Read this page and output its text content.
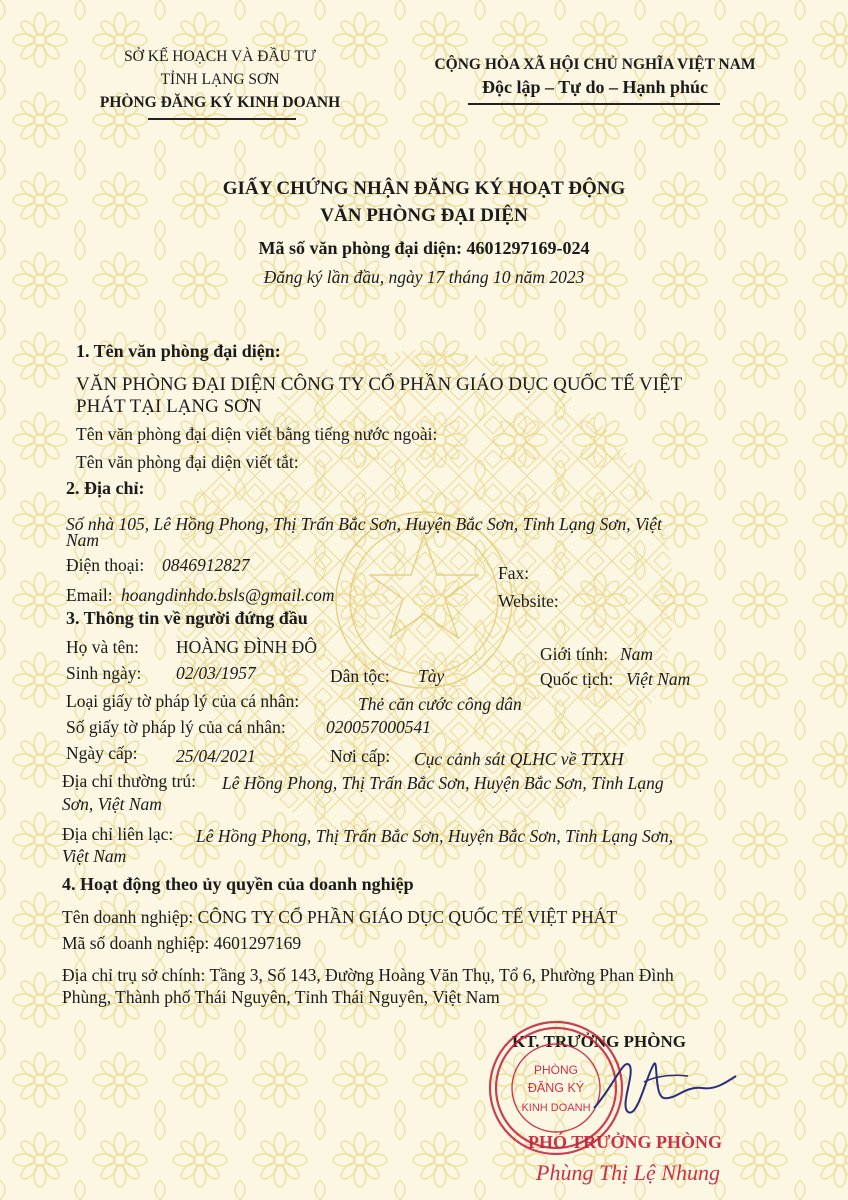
SỞ KẾ HOẠCH VÀ ĐẦU TƯ
TỈNH LẠNG SƠN
PHÒNG ĐĂNG KÝ KINH DOANH
CỘNG HÒA XÃ HỘI CHỦ NGHĨA VIỆT NAM
Độc lập – Tự do – Hạnh phúc
GIẤY CHỨNG NHẬN ĐĂNG KÝ HOẠT ĐỘNG
VĂN PHÒNG ĐẠI DIỆN
Mã số văn phòng đại diện: 4601297169-024
Đăng ký lần đầu, ngày 17 tháng 10 năm 2023
1. Tên văn phòng đại diện:
VĂN PHÒNG ĐẠI DIỆN CÔNG TY CỔ PHẦN GIÁO DỤC QUỐC TẾ VIỆT
PHÁT TẠI LẠNG SƠN
Tên văn phòng đại diện viết bằng tiếng nước ngoài:
Tên văn phòng đại diện viết tắt:
2. Địa chỉ:
Số nhà 105, Lê Hồng Phong, Thị Trấn Bắc Sơn, Huyện Bắc Sơn, Tỉnh Lạng Sơn, Việt
Nam
Điện thoại: 0846912827	Fax:
Email: hoangdinhdo.bsls@gmail.com	Website:
3. Thông tin về người đứng đầu
Họ và tên: HOÀNG ĐÌNH ĐÔ	Giới tính: Nam
Sinh ngày: 02/03/1957	Dân tộc: Tày	Quốc tịch: Việt Nam
Loại giấy tờ pháp lý của cá nhân:	Thẻ căn cước công dân
Số giấy tờ pháp lý của cá nhân: 020057000541
Ngày cấp: 25/04/2021	Nơi cấp: Cục cảnh sát QLHC về TTXH
Địa chỉ thường trú: Lê Hồng Phong, Thị Trấn Bắc Sơn, Huyện Bắc Sơn, Tỉnh Lạng
Sơn, Việt Nam
Địa chỉ liên lạc: Lê Hồng Phong, Thị Trấn Bắc Sơn, Huyện Bắc Sơn, Tỉnh Lạng Sơn,
Việt Nam
4. Hoạt động theo ủy quyền của doanh nghiệp
Tên doanh nghiệp: CÔNG TY CỔ PHẦN GIÁO DỤC QUỐC TẾ VIỆT PHÁT
Mã số doanh nghiệp: 4601297169
Địa chỉ trụ sở chính: Tầng 3, Số 143, Đường Hoàng Văn Thụ, Tổ 6, Phường Phan Đình
Phùng, Thành phố Thái Nguyên, Tỉnh Thái Nguyên, Việt Nam
KT. TRƯỞNG PHÒNG
PHÒNG
ĐĂNG KÝ
KINH DOANH
PHÓ TRƯỞNG PHÒNG
Phùng Thị Lệ Nhung
